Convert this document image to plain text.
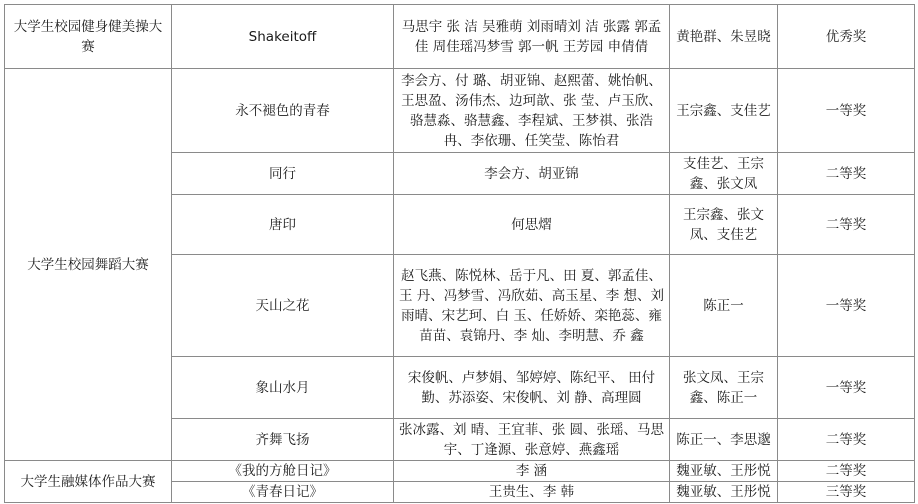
大学生校园健身健美操大赛	Shakeitoff	马思宇 张 洁 吴雅萌 刘雨晴刘 洁 张露 郭孟佳 周佳瑶冯梦雪 郭一帆 王芳园 申倩倩	黄艳群、朱昱晓	优秀奖
大学生校园舞蹈大赛	永不褪色的青春	李会方、付 璐、胡亚锦、赵熙蕾、姚怡帆、王思盈、汤伟杰、边珂歆、张 莹、卢玉欣、骆慧淼、骆慧鑫、李程斌、王梦祺、张浩冉、李依珊、任笑莹、陈怡君	王宗鑫、支佳艺	一等奖
	同行	李会方、胡亚锦	支佳艺、王宗鑫、张文凤	二等奖
	唐印	何思熠	王宗鑫、张文凤、支佳艺	二等奖
	天山之花	赵飞燕、陈悦林、岳于凡、田 夏、郭孟佳、王 丹、冯梦雪、冯欣茹、高玉星、李 想、刘雨晴、宋艺珂、白 玉、任娇娇、栾艳蕊、雍苗苗、袁锦丹、李 灿、李明慧、乔 鑫	陈正一	一等奖
	象山水月	宋俊帆、卢梦娟、邹婷婷、陈纪平、 田付勤、苏添姿、宋俊帆、刘 静、高理圆	张文凤、王宗鑫、陈正一	一等奖
	齐舞飞扬	张冰露、刘 晴、王宜菲、张 圆、张瑶、马思宇、丁逢源、张意婷、燕鑫瑶	陈正一、李思邈	二等奖
大学生融媒体作品大赛	《我的方舱日记》	李 涵	魏亚敏、王彤悦	二等奖
	《青春日记》	王贵生、李 韩	魏亚敏、王彤悦	三等奖
